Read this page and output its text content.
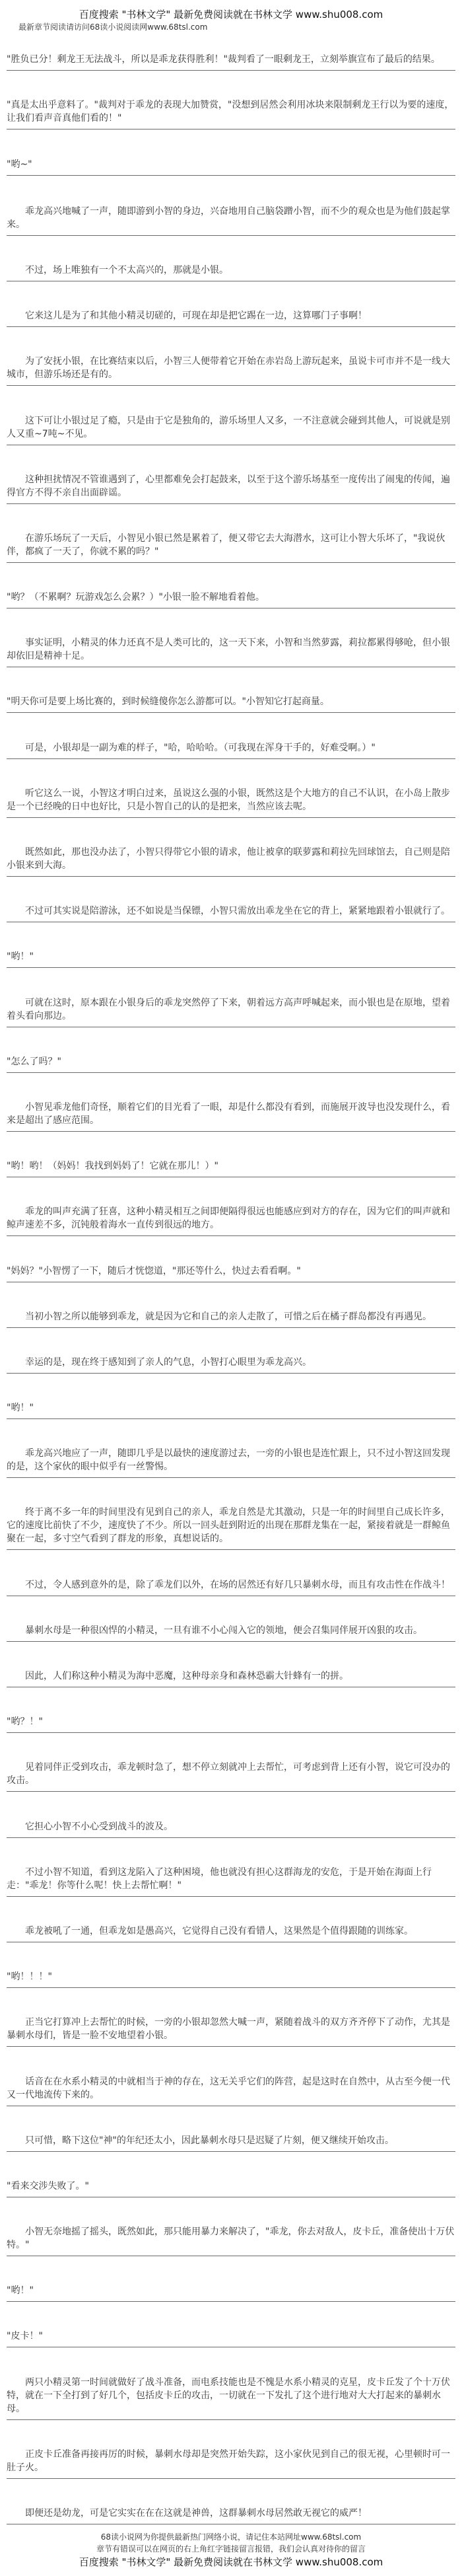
百度搜索 "书林文学" 最新免费阅读就在书林文学 www.shu008.com
最新章节阅读请访问68读小说阅读网www.68tsl.com
"胜负已分！剩龙王无法战斗，所以是乖龙获得胜利！"裁判看了一眼剩龙王，立刻举旗宣布了最后的结果。
"真是太出乎意料了。"裁判对于乖龙的表现大加赞赏，"没想到居然会利用冰块来限制剩龙王行以为要的速度，让我们看声音真他们看的！"
"哟~"
乖龙高兴地喊了一声，随即游到小智的身边，兴奋地用自己脑袋蹭小智，而不少的观众也是为他们鼓起掌来。
不过，场上唯独有一个不太高兴的，那就是小银。
它来这儿是为了和其他小精灵切磋的，可现在却是把它踢在一边，这算哪门子事啊！
为了安抚小银，在比赛结束以后，小智三人便带着它开始在赤岩岛上游玩起来，虽说卡可市并不是一线大城市，但游乐场还是有的。
这下可让小银过足了瘾，只是由于它是独角的，游乐场里人又多，一不注意就会碰到其他人，可说就是别人又重~7吨~不见。
这种担扰情况不管谁遇到了，心里都难免会打起鼓来，以至于这个游乐场基至一度传出了闹鬼的传闻，遍得官方不得不亲自出面辟谣。
在游乐场玩了一天后，小智见小银已然是累着了，便又带它去大海潜水，这可让小智大乐坏了，"我说伙伴，都疯了一天了，你就不累的吗？"
"哟？（不累啊？玩游戏怎么会累？）"小银一脸不解地看着他。
事实证明，小精灵的体力还真不是人类可比的，这一天下来，小智和当然萝露，莉拉都累得够呛，但小银却依旧是精神十足。
"明天你可是要上场比赛的，到时候缝傻你怎么游都可以。"小智知它打起商量。
可是，小银却是一副为难的样子，"哈，哈哈哈。（可我现在浑身干手的，好难受啊。）"
听它这么一说，小智这才明白过来，虽说这么强的小银，既然这是个大地方的自己不认识，在小岛上散步是一个已经晚的日中也好比，只是小智自己的认的是把来，当然应该去呢。
既然如此，那也没办法了，小智只得带它小银的请求，他让被拿的联萝露和莉拉先回球馆去，自己则是陪小银来到大海。
不过可其实说是陪游泳，还不如说是当保镖，小智只需放出乖龙坐在它的背上，紧紧地跟着小银就行了。
"哟！"
可就在这时，原本跟在小银身后的乖龙突然停了下来，朝着远方高声呼喊起来，而小银也是在原地，望着着头看向那边。
"怎么了吗？"
小智见乖龙他们奇怪，顺着它们的目光看了一眼，却是什么都没有看到，而施展开波导也没发现什么，看来是超出了感应范围。
"哟！哟！（妈妈！我找到妈妈了！它就在那儿！）"
乖龙的叫声充满了狂喜，这种小精灵相互之间即便隔得很远也能感应到对方的存在，因为它们的叫声就和鲸声速差不多，沉钝般着海水一直传到很远的地方。
"妈妈？"小智愣了一下，随后才恍惚道，"那还等什么，快过去看看啊。"
当初小智之所以能够到乖龙，就是因为它和自己的亲人走散了，可惜之后在橘子群岛都没有再遇见。
幸运的是，现在终于感知到了亲人的气息，小智打心眼里为乖龙高兴。
"哟！"
乖龙高兴地应了一声，随即几乎是以最快的速度游过去，一旁的小银也是连忙跟上，只不过小智这回发现的是，这个家伙的眼中似乎有一丝警惕。
终于离不多一年的时间里没有见到自己的亲人，乖龙自然是尤其激动，只是一年的时间里自己成长许多，它的速度比前快了不少，速度快了不少。所以一回头赶到附近的出现在那群龙集在一起，紧接着就是一群鲸鱼聚在一起，多寸空气看到了群龙的形象，真想说话的。
不过，令人感到意外的是，除了乖龙们以外，在场的居然还有好几只暴刺水母，而且有攻击性在作战斗！
暴刺水母是一种很凶悍的小精灵，一旦有谁不小心闯入它的领地，便会召集同伴展开凶狠的攻击。
因此，人们称这种小精灵为海中恶魔，这种母亲身和森林恐霸大针蜂有一的拼。
"哟？！"
见着同伴正受到攻击，乖龙顿时急了，想不停立刻就冲上去帮忙，可考虑到背上还有小智，说它可没办的攻击。
它担心小智不小心受到战斗的波及。
不过小智不知道，看到这龙陷入了这种困境，他也就没有担心这群海龙的安危，于是开始在海面上行走："乖龙！你等什么呢！快上去帮忙啊！"
乖龙被吼了一通，但乖龙如是愚高兴，它觉得自己没有看错人，这果然是个值得跟随的训练家。
"哟！！！"
正当它打算冲上去帮忙的时候，一旁的小银却忽然大喊一声，紧随着战斗的双方齐齐停下了动作，尤其是暴刺水母们，皆是一脸不安地望着小银。
话音在在水系小精灵的中就相当于神的存在，这无关乎它们的阵营，起是这时在自然中，从古至今便一代又一代地流传下来的。
只可惜，略下这位"神"的年纪还太小，因此暴刺水母只是迟疑了片刻，便又继续开始攻击。
"看来交涉失败了。"
小智无奈地摇了摇头，既然如此，那只能用暴力来解决了，"乖龙，你去对敌人，皮卡丘，准备使出十万伏特。"
"哟！"
"皮卡！"
两只小精灵第一时间就做好了战斗准备，而电系技能也是不愧是水系小精灵的克星，皮卡丘发了个十万伏特，就在一下全打到了好几个，包括皮卡丘的攻击，一切就在一下发扎了这个进行地对大大打起来的暴刺水母。
正皮卡丘准备再接再厉的时候，暴刺水母却是突然开始失踪，这小家伙见到自己的很无视，心里顿时可一肚子火。
即便还是幼龙，可是它实实在在在这就是神兽，这群暴刺水母居然敢无视它的威严！
68读小说网为你提供最新热门网络小说，请记住本站网址www.68tsl.com
章节有错误可以在网页的右上角红字链接留言报错，我们会认真对待你的留言
百度搜索 "书林文学" 最新免费阅读就在书林文学 www.shu008.com
